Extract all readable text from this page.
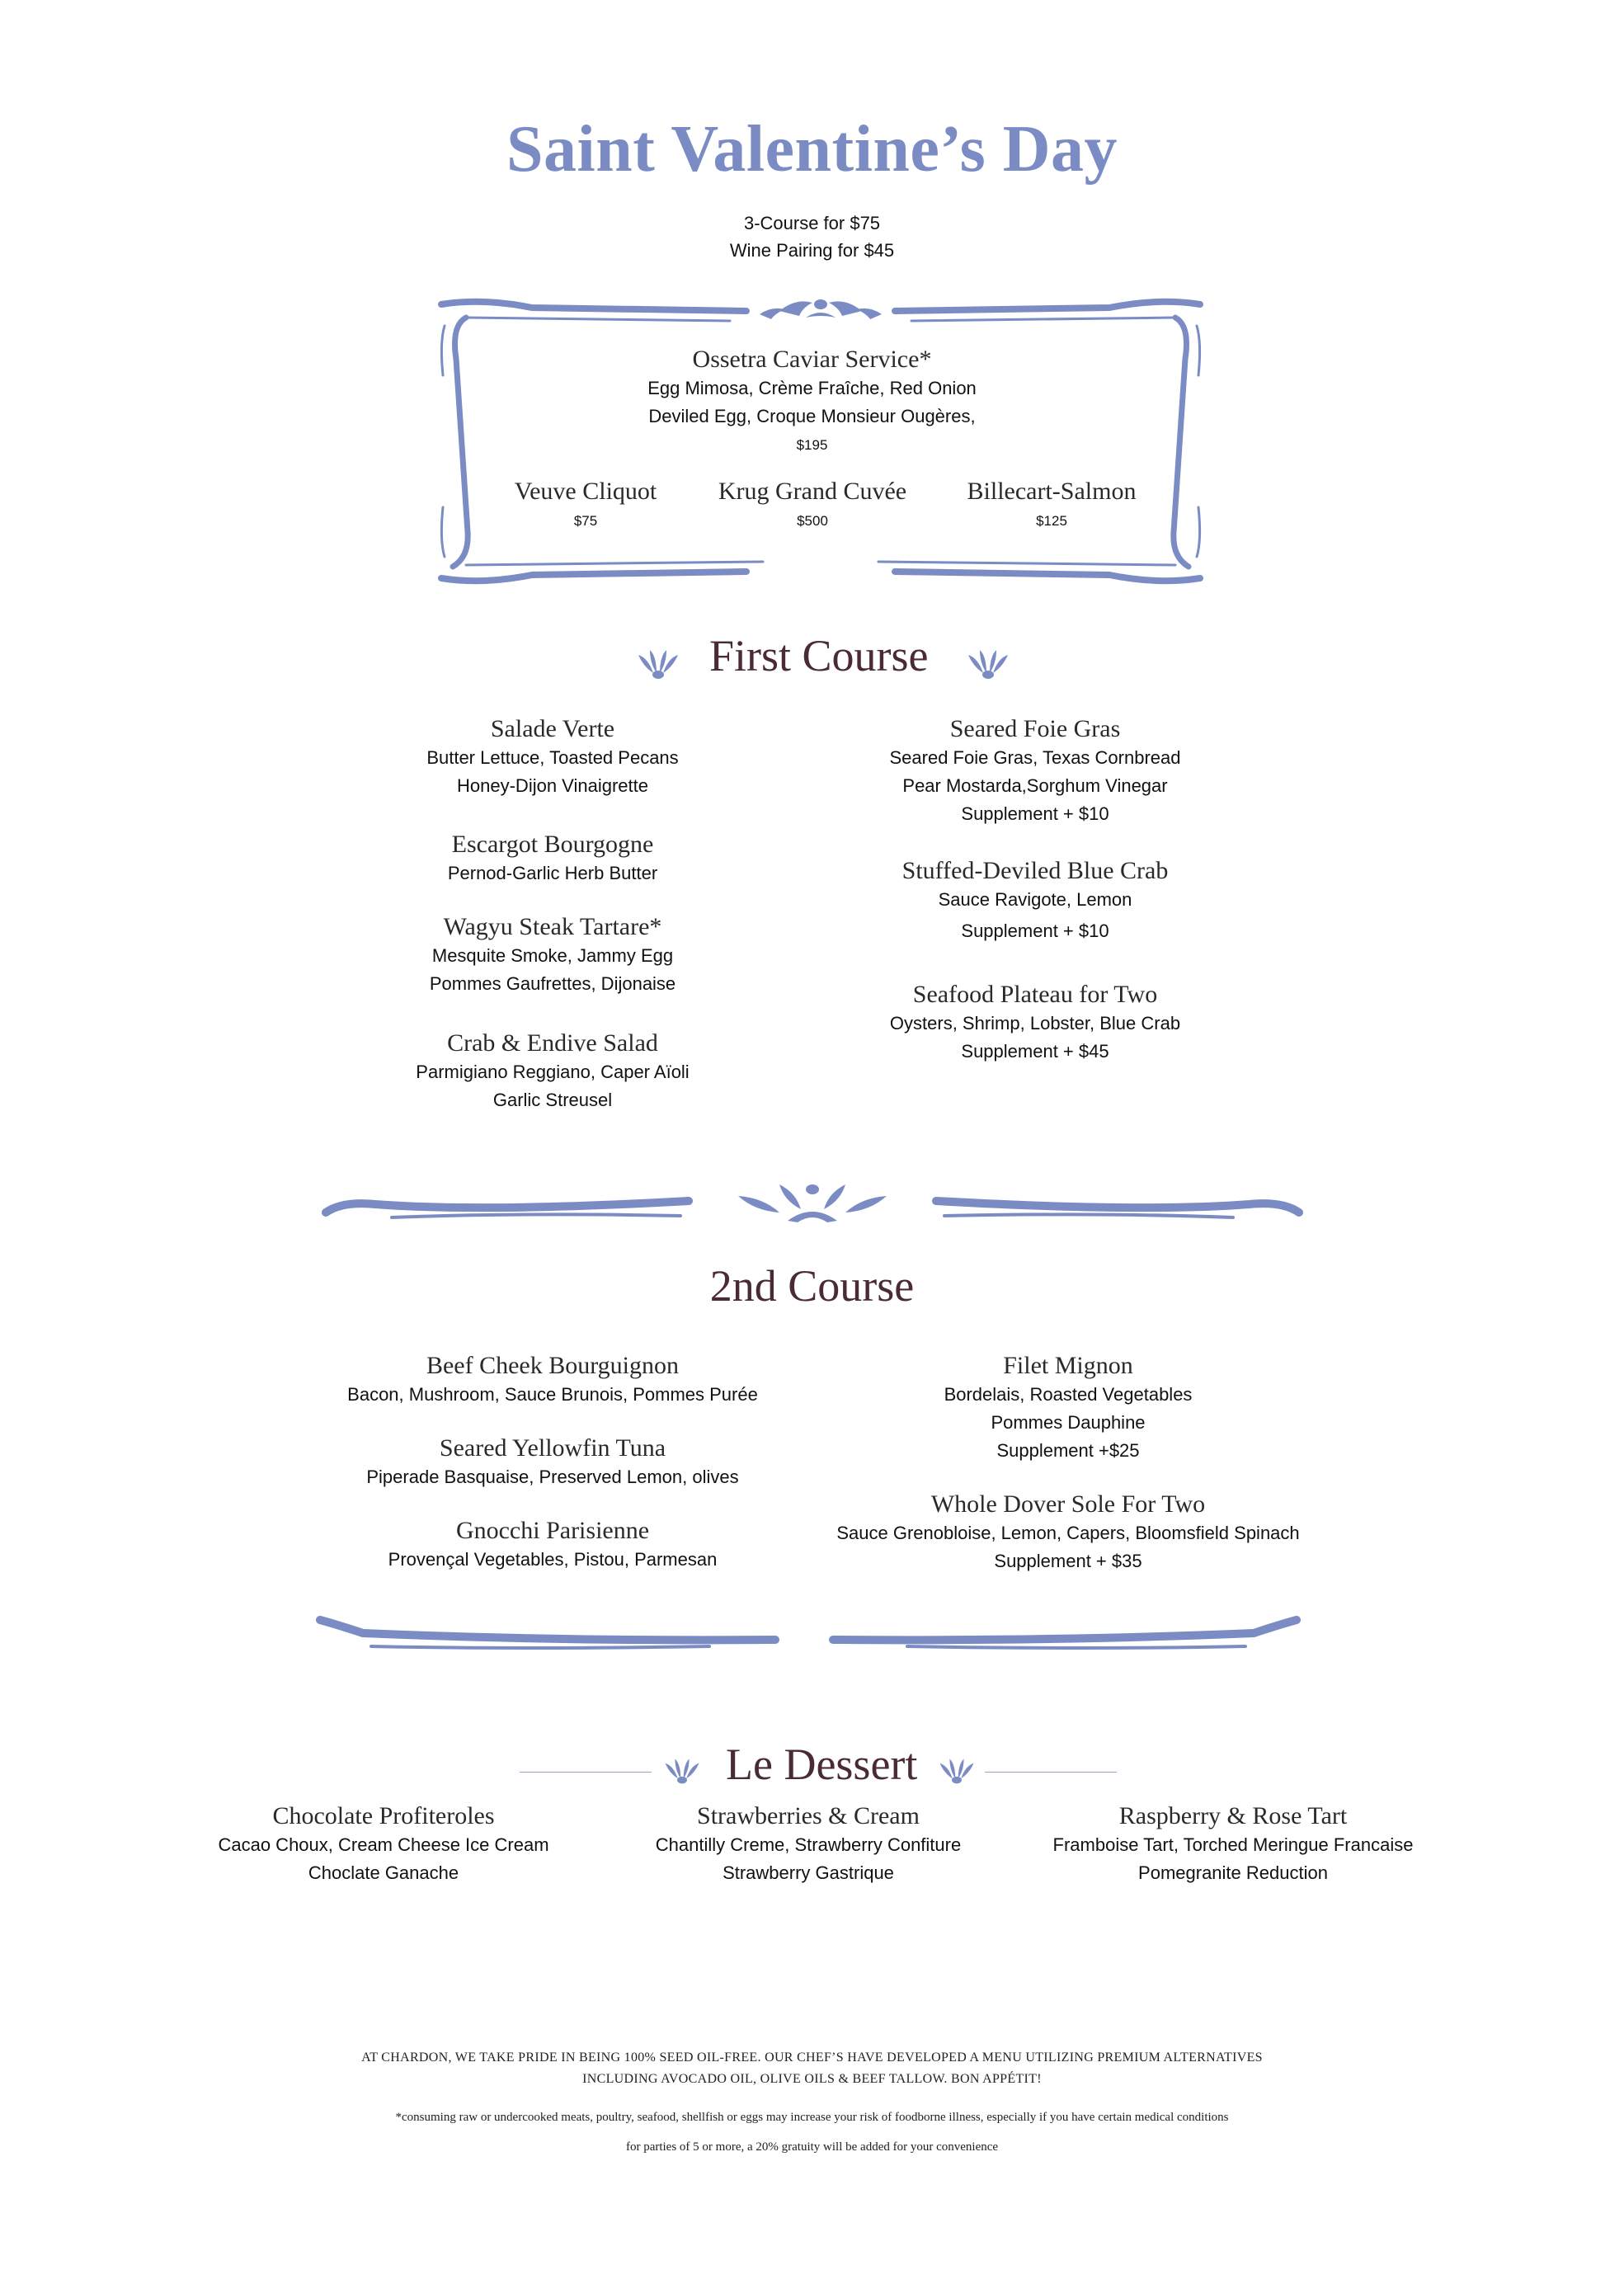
Saint Valentine’s Day
3-Course for $75
Wine Pairing for $45
Ossetra Caviar Service*
Egg Mimosa, Crème Fraîche, Red Onion
Deviled Egg, Croque Monsieur Ougères,
$195
Veuve Cliquot
$75
Krug Grand Cuvée
$500
Billecart-Salmon
$125
First Course
Salade Verte
Butter Lettuce, Toasted Pecans
Honey-Dijon Vinaigrette
Escargot Bourgogne
Pernod-Garlic Herb Butter
Wagyu Steak Tartare*
Mesquite Smoke, Jammy Egg
Pommes Gaufrettes, Dijonaise
Crab & Endive Salad
Parmigiano Reggiano, Caper Aïoli
Garlic Streusel
Seared Foie Gras
Seared Foie Gras, Texas Cornbread
Pear Mostarda,Sorghum Vinegar
Supplement + $10
Stuffed-Deviled Blue Crab
Sauce Ravigote, Lemon
Supplement + $10
Seafood Plateau for Two
Oysters, Shrimp, Lobster, Blue Crab
Supplement + $45
2nd Course
Beef Cheek Bourguignon
Bacon, Mushroom, Sauce Brunois, Pommes Purée
Seared Yellowfin Tuna
Piperade Basquaise, Preserved Lemon, olives
Gnocchi Parisienne
Provençal Vegetables, Pistou, Parmesan
Filet Mignon
Bordelais, Roasted Vegetables
Pommes Dauphine
Supplement +$25
Whole Dover Sole For Two
Sauce Grenobloise, Lemon, Capers, Bloomsfield Spinach
Supplement + $35
Le Dessert
Chocolate Profiteroles
Cacao Choux, Cream Cheese Ice Cream
Choclate Ganache
Strawberries & Cream
Chantilly Creme, Strawberry Confiture
Strawberry Gastrique
Raspberry & Rose Tart
Framboise Tart, Torched Meringue Francaise
Pomegranite Reduction
AT CHARDON, WE TAKE PRIDE IN BEING 100% SEED OIL-FREE. OUR CHEF’S HAVE DEVELOPED A MENU UTILIZING PREMIUM ALTERNATIVES
INCLUDING AVOCADO OIL, OLIVE OILS & BEEF TALLOW. BON APPÉTIT!
*consuming raw or undercooked meats, poultry, seafood, shellfish or eggs may increase your risk of foodborne illness, especially if you have certain medical conditions
for parties of 5 or more, a 20% gratuity will be added for your convenience
